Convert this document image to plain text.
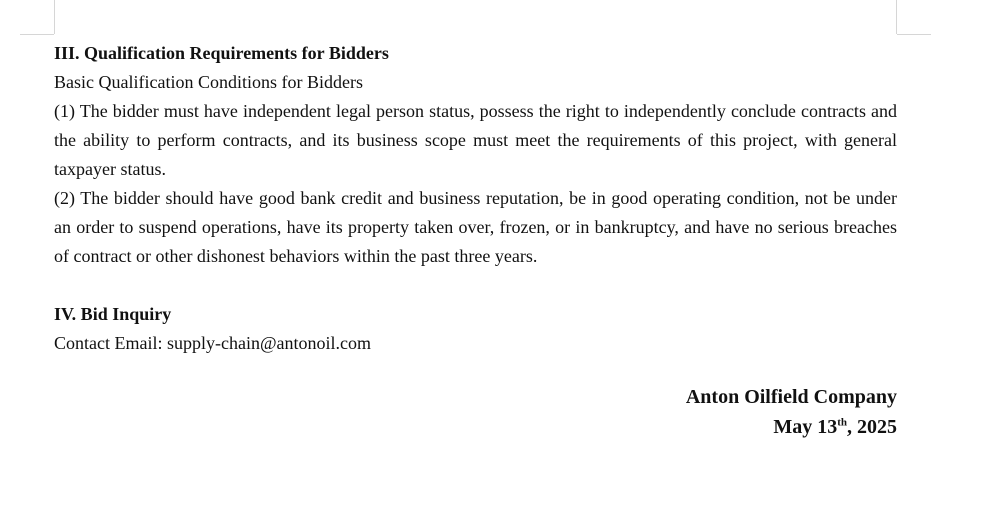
III. Qualification Requirements for Bidders

Basic Qualification Conditions for Bidders

(1) The bidder must have independent legal person status, possess the right to independently conclude contracts and the ability to perform contracts, and its business scope must meet the requirements of this project, with general taxpayer status.

(2) The bidder should have good bank credit and business reputation, be in good operating condition, not be under an order to suspend operations, have its property taken over, frozen, or in bankruptcy, and have no serious breaches of contract or other dishonest behaviors within the past three years.

IV. Bid Inquiry

Contact Email: supply-chain@antonoil.com

Anton Oilfield Company
May 13th, 2025
